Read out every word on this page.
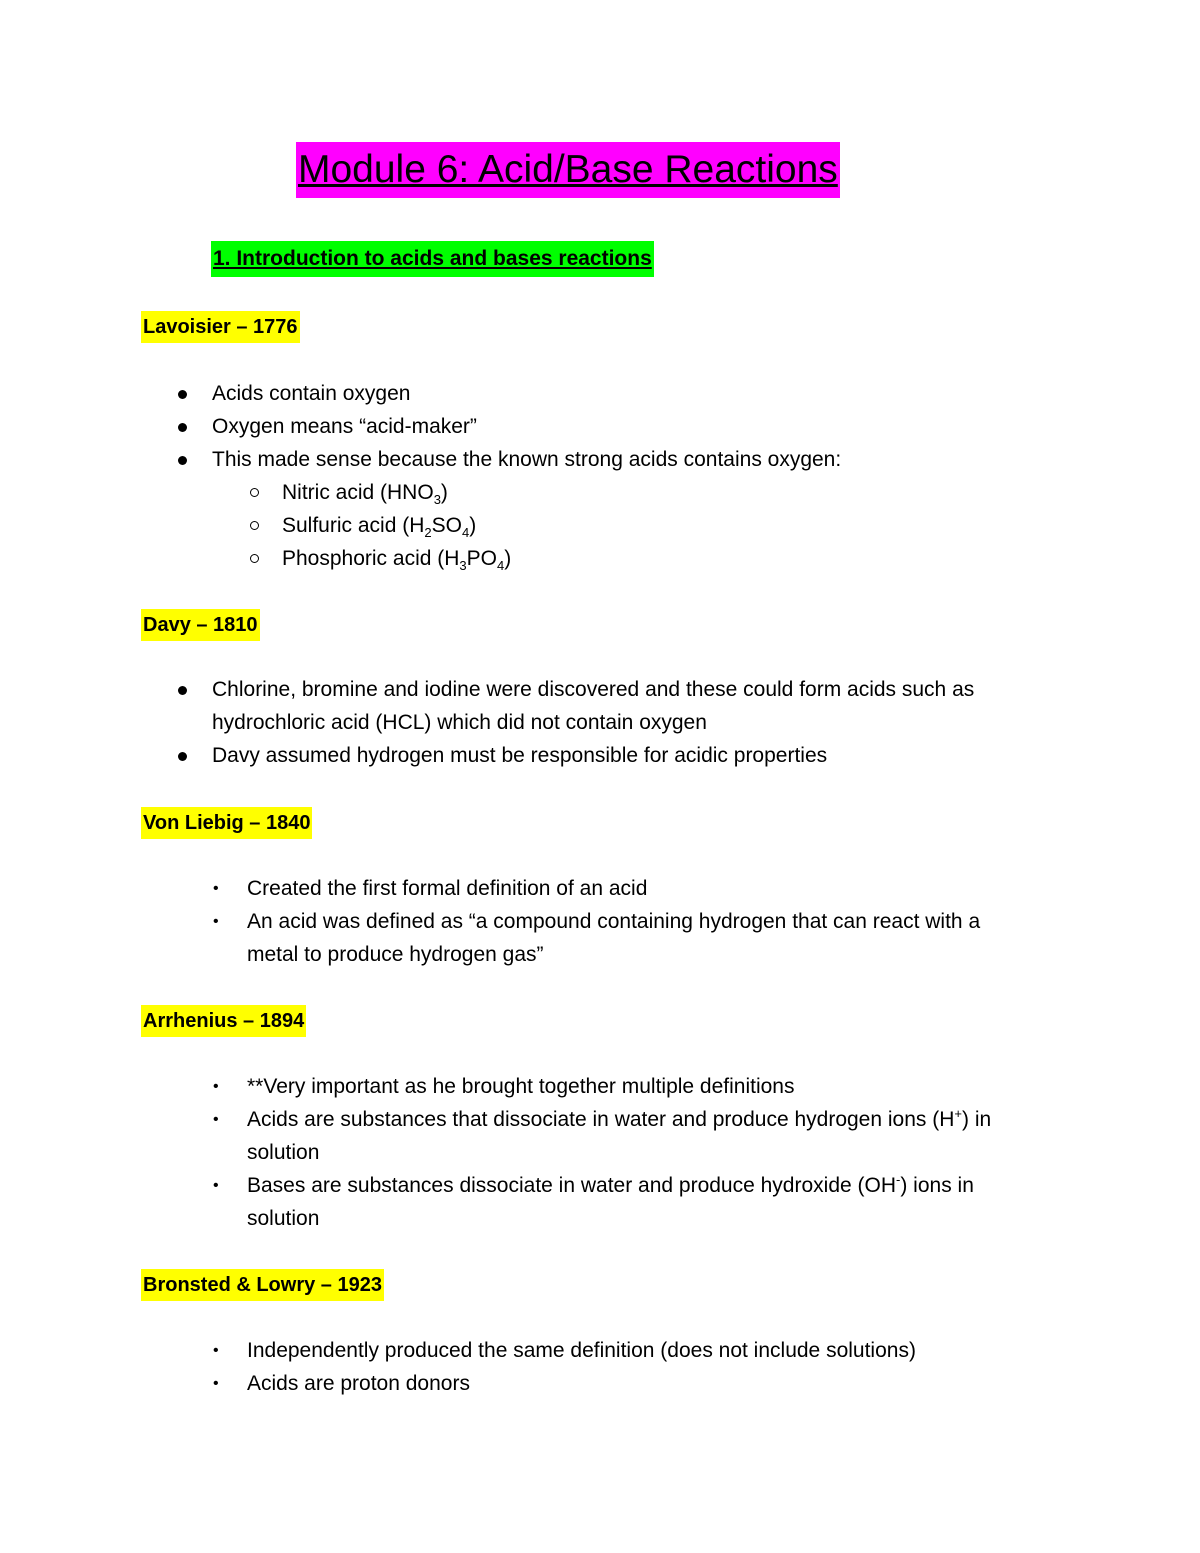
Module 6: Acid/Base Reactions
1. Introduction to acids and bases reactions
Lavoisier – 1776
Acids contain oxygen
Oxygen means “acid-maker”
This made sense because the known strong acids contains oxygen:
Nitric acid $(HNO_3)$
Sulfuric acid $(H_2SO_4)$
Phosphoric acid $(H_3PO_4)$
Davy – 1810
Chlorine, bromine and iodine were discovered and these could form acids such as
hydrochloric acid (HCL) which did not contain oxygen
Davy assumed hydrogen must be responsible for acidic properties
Von Liebig – 1840
• Created the first formal definition of an acid
• An acid was defined as “a compound containing hydrogen that can react with a
metal to produce hydrogen gas”
Arrhenius – 1894
• **Very important as he brought together multiple definitions
• Acids are substances that dissociate in water and produce hydrogen ions (H+) in
solution
• Bases are substances dissociate in water and produce hydroxide (OH-) ions in
solution
Bronsted & Lowry – 1923
• Independently produced the same definition (does not include solutions)
• Acids are proton donors
